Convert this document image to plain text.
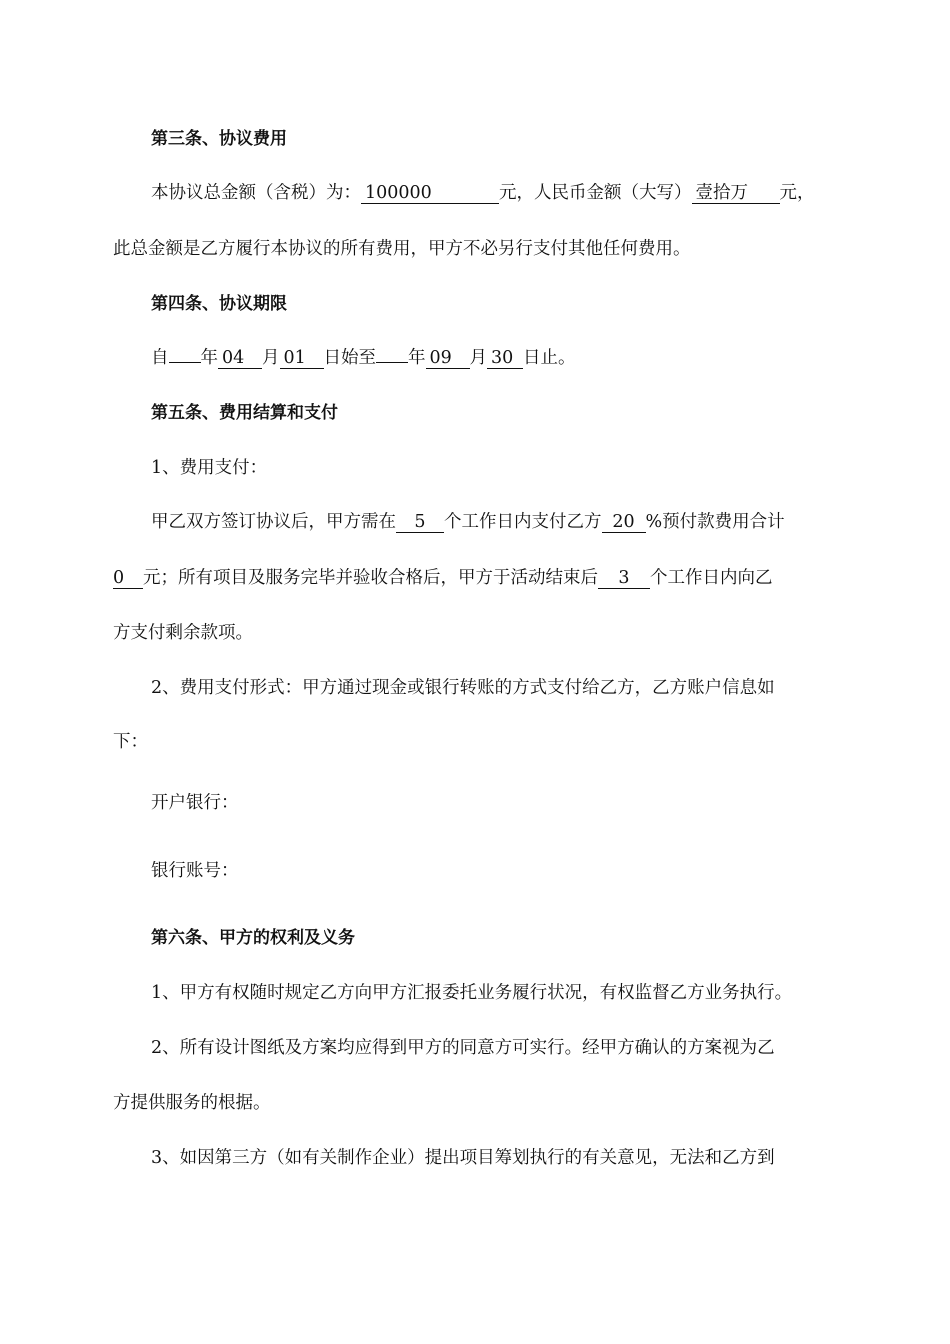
第三条、协议费用
本协议总金额（含税）为： 100000	元，人民币金额（大写） 壹拾万 元，
此总金额是乙方履行本协议的所有费用，甲方不必另行支付其他任何费用。
第四条、协议期限
自 年 04 月 01 日始至 年 09 月 30 日止。
第五条、费用结算和支付
1、费用支付：
甲乙双方签订协议后，甲方需在 5 个工作日内支付乙方 20 %预付款费用合计
0 元；所有项目及服务完毕并验收合格后，甲方于活动结束后 3 个工作日内向乙
方支付剩余款项。
2、费用支付形式：甲方通过现金或银行转账的方式支付给乙方，乙方账户信息如
下：
开户银行：
银行账号：
第六条、甲方的权利及义务
1、甲方有权随时规定乙方向甲方汇报委托业务履行状况，有权监督乙方业务执行。
2、所有设计图纸及方案均应得到甲方的同意方可实行。经甲方确认的方案视为乙
方提供服务的根据。
3、如因第三方（如有关制作企业）提出项目筹划执行的有关意见，无法和乙方到
